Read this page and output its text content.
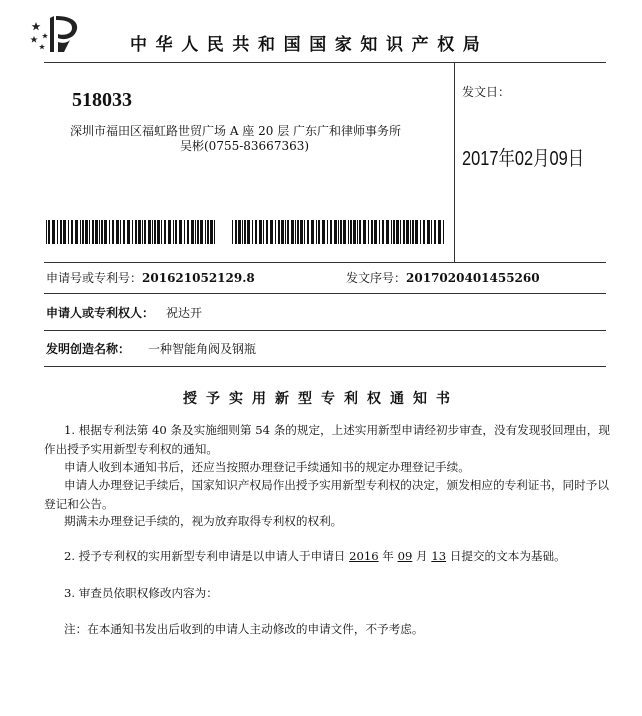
中华人民共和国国家知识产权局
518033
深圳市福田区福虹路世贸广场 A 座 20 层 广东广和律师事务所
吴彬(0755-83667363)
发文日：
2017年02月09日
申请号或专利号：201621052129.8	发文序号：2017020401455260
申请人或专利权人： 祝达开
发明创造名称： 一种智能角阀及钢瓶
授予实用新型专利权通知书
1. 根据专利法第 40 条及实施细则第 54 条的规定，上述实用新型申请经初步审查，没有发现驳回理由，现作出授予实用新型专利权的通知。
申请人收到本通知书后，还应当按照办理登记手续通知书的规定办理登记手续。
申请人办理登记手续后，国家知识产权局作出授予实用新型专利权的决定，颁发相应的专利证书，同时予以登记和公告。
期满未办理登记手续的，视为放弃取得专利权的权利。
2. 授予专利权的实用新型专利申请是以申请人于申请日 2016 年 09 月 13 日提交的文本为基础。
3. 审查员依职权修改内容为：
注：在本通知书发出后收到的申请人主动修改的申请文件，不予考虑。
